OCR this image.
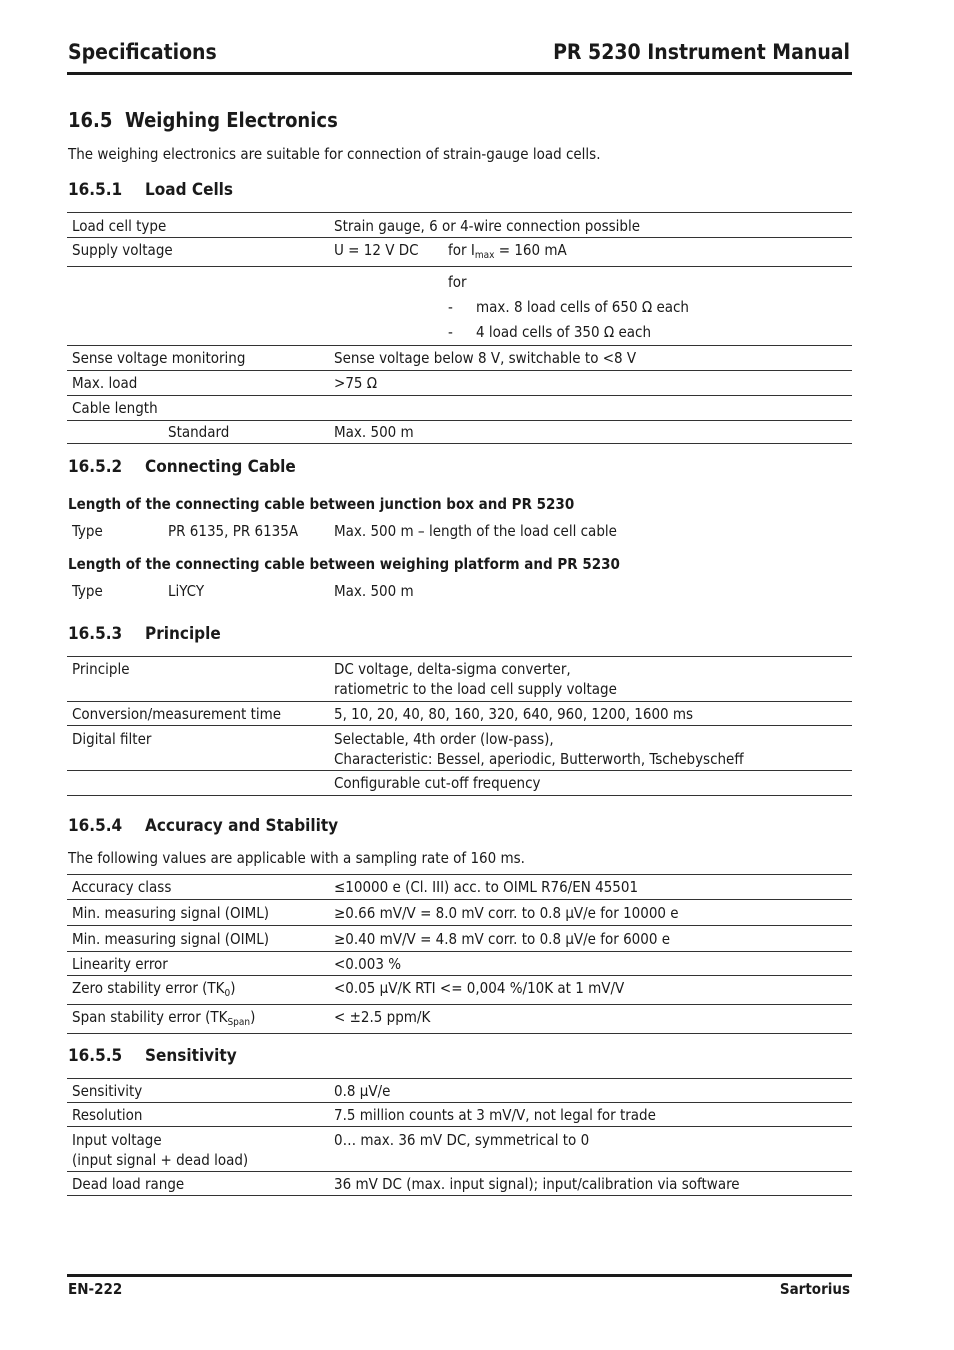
Specifications	PR 5230 Instrument Manual
16.5 Weighing Electronics
The weighing electronics are suitable for connection of strain-gauge load cells.
16.5.1 Load Cells
Load cell type		Strain gauge, 6 or 4-wire connection possible	
Supply voltage		U = 12 V DC	for $I_{max} = 160$ mA

			for
- max. 8 load cells of 650 Ω each
- 4 load cells of 350 Ω each

Sense voltage monitoring		Sense voltage below 8 V, switchable to <8 V	
Max. load		>75 Ω	
Cable length			
	Standard	Max. 500 m	
16.5.2 Connecting Cable
Length of the connecting cable between junction box and PR 5230
Type	PR 6135, PR 6135A	Max. 500 m – length of the load cell cable
Length of the connecting cable between weighing platform and PR 5230
Type	LiYCY	Max. 500 m
16.5.3 Principle
Principle	DC voltage, delta-sigma converter,
ratiometric to the load cell supply voltage

Conversion/measurement time	5, 10, 20, 40, 80, 160, 320, 640, 960, 1200, 1600 ms
Digital filter	Selectable, 4th order (low-pass),
Characteristic: Bessel, aperiodic, Butterworth, Tschebyscheff

	Configurable cut-off frequency
16.5.4 Accuracy and Stability
The following values are applicable with a sampling rate of 160 ms.
Accuracy class	≤10000 e (Cl. III) acc. to OIML R76/EN 45501
Min. measuring signal (OIML)	≥0.66 mV/V = 8.0 mV corr. to 0.8 µV/e for 10000 e
Min. measuring signal (OIML)	≥0.40 mV/V = 4.8 mV corr. to 0.8 µV/e for 6000 e
Linearity error	<0.003 %
Zero stability error $(TK_0)$	<0.05 µV/K RTI <= 0,004 %/10K at 1 mV/V
Span stability error $(TK_{Span})$	< ±2.5 ppm/K
16.5.5 Sensitivity
Sensitivity	0.8 µV/e
Resolution	7.5 million counts at 3 mV/V, not legal for trade

Input voltage
(input signal + dead load)	0… max. 36 mV DC, symmetrical to 0
Dead load range	36 mV DC (max. input signal); input/calibration via software
EN-222	Sartorius
